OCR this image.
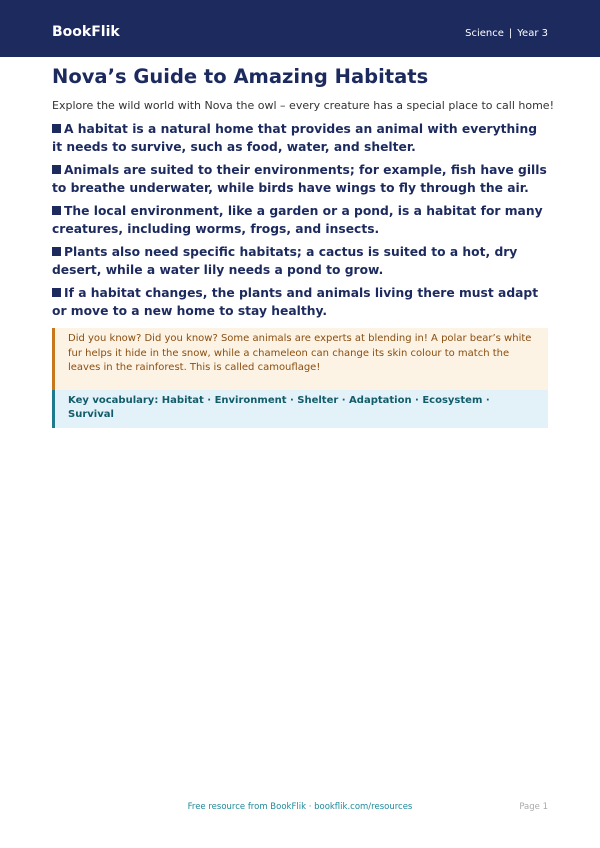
BookFlik	Science | Year 3
Nova’s Guide to Amazing Habitats

Explore the wild world with Nova the owl – every creature has a special place to call home!

A habitat is a natural home that provides an animal with everything it needs to survive, such as food, water, and shelter.

Animals are suited to their environments; for example, fish have gills to breathe underwater, while birds have wings to fly through the air.

The local environment, like a garden or a pond, is a habitat for many creatures, including worms, frogs, and insects.

Plants also need specific habitats; a cactus is suited to a hot, dry desert, while a water lily needs a pond to grow.

If a habitat changes, the plants and animals living there must adapt or move to a new home to stay healthy.

Did you know? Did you know? Some animals are experts at blending in! A polar bear’s white fur helps it hide in the snow, while a chameleon can change its skin colour to match the leaves in the rainforest. This is called camouflage!
Key vocabulary: Habitat · Environment · Shelter · Adaptation · Ecosystem · Survival
Free resource from BookFlik · bookflik.com/resources	Page 1
